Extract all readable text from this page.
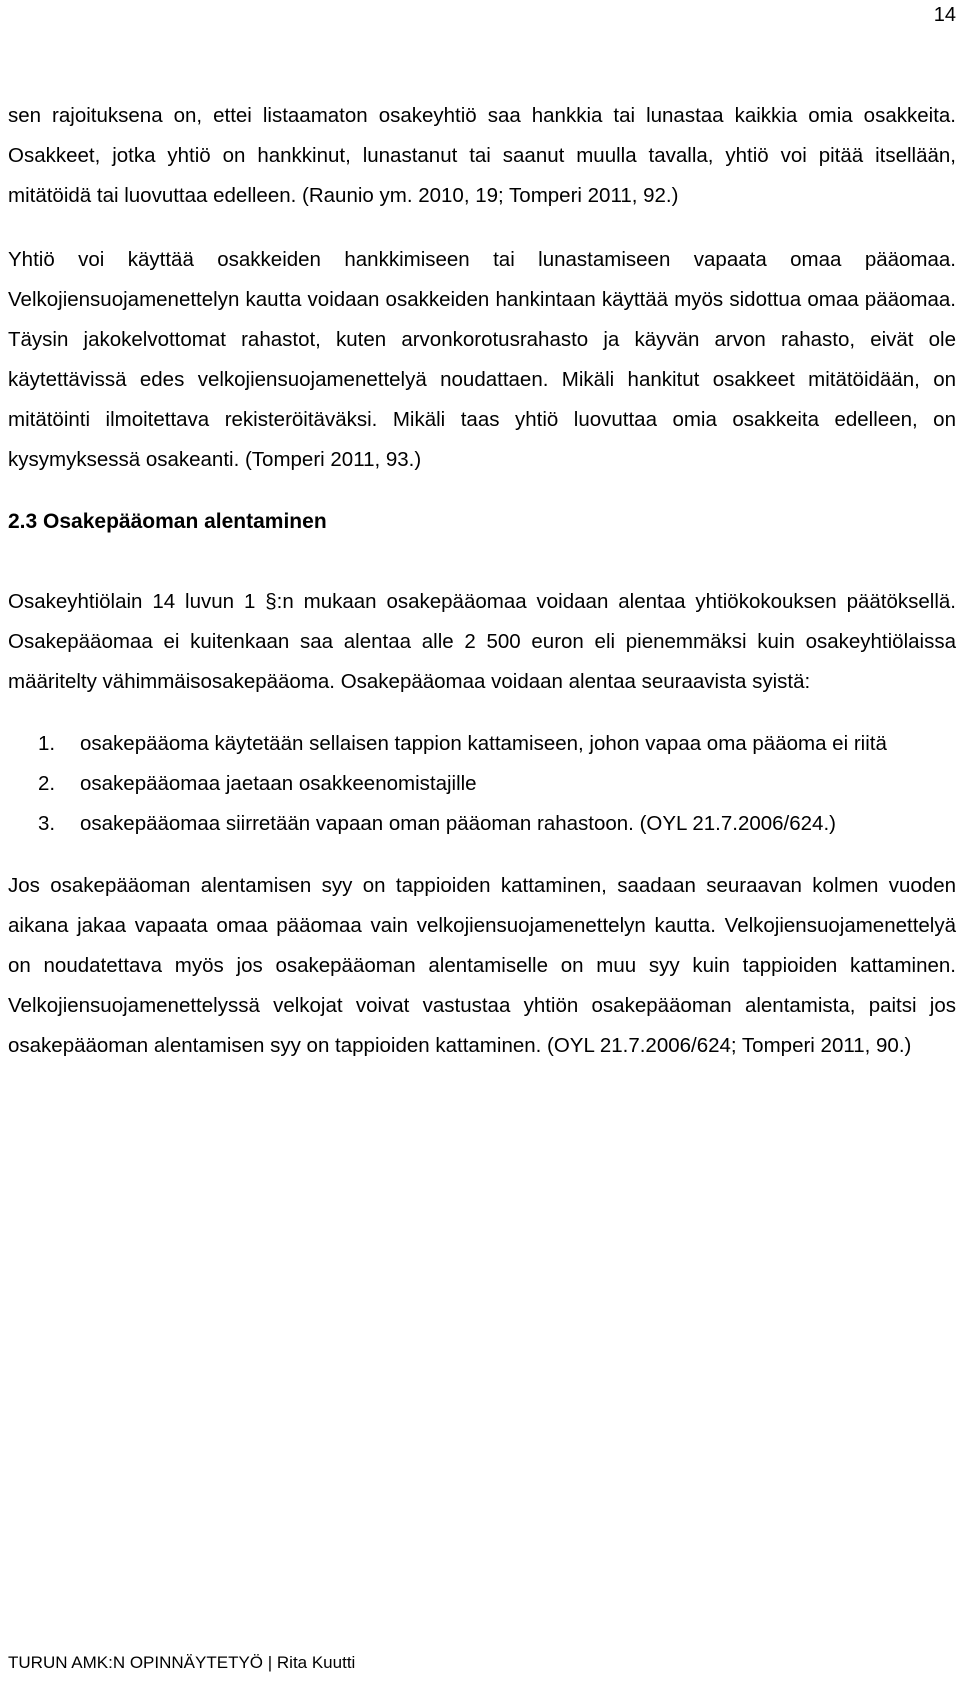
14

sen rajoituksena on, ettei listaamaton osakeyhtiö saa hankkia tai lunastaa kaikkia omia osakkeita. Osakkeet, jotka yhtiö on hankkinut, lunastanut tai saanut muulla tavalla, yhtiö voi pitää itsellään, mitätöidä tai luovuttaa edelleen. (Raunio ym. 2010, 19; Tomperi 2011, 92.)

Yhtiö voi käyttää osakkeiden hankkimiseen tai lunastamiseen vapaata omaa pääomaa. Velkojiensuojamenettelyn kautta voidaan osakkeiden hankintaan käyttää myös sidottua omaa pääomaa. Täysin jakokelvottomat rahastot, kuten arvonkorotusrahasto ja käyvän arvon rahasto, eivät ole käytettävissä edes velkojiensuojamenettelyä noudattaen. Mikäli hankitut osakkeet mitätöidään, on mitätöinti ilmoitettava rekisteröitäväksi. Mikäli taas yhtiö luovuttaa omia osakkeita edelleen, on kysymyksessä osakeanti. (Tomperi 2011, 93.)

2.3 Osakepääoman alentaminen

Osakeyhtiölain 14 luvun 1 §:n mukaan osakepääomaa voidaan alentaa yhtiökokouksen päätöksellä. Osakepääomaa ei kuitenkaan saa alentaa alle 2 500 euron eli pienemmäksi kuin osakeyhtiölaissa määritelty vähimmäisosakepääoma. Osakepääomaa voidaan alentaa seuraavista syistä:

1.	osakepääoma käytetään sellaisen tappion kattamiseen, johon vapaa oma pääoma ei riitä
2.	osakepääomaa jaetaan osakkeenomistajille
3.	osakepääomaa siirretään vapaan oman pääoman rahastoon. (OYL 21.7.2006/624.)

Jos osakepääoman alentamisen syy on tappioiden kattaminen, saadaan seuraavan kolmen vuoden aikana jakaa vapaata omaa pääomaa vain velkojiensuojamenettelyn kautta. Velkojiensuojamenettelyä on noudatettava myös jos osakepääoman alentamiselle on muu syy kuin tappioiden kattaminen. Velkojiensuojamenettelyssä velkojat voivat vastustaa yhtiön osakepääoman alentamista, paitsi jos osakepääoman alentamisen syy on tappioiden kattaminen. (OYL 21.7.2006/624; Tomperi 2011, 90.)

TURUN AMK:N OPINNÄYTETYÖ | Rita Kuutti
